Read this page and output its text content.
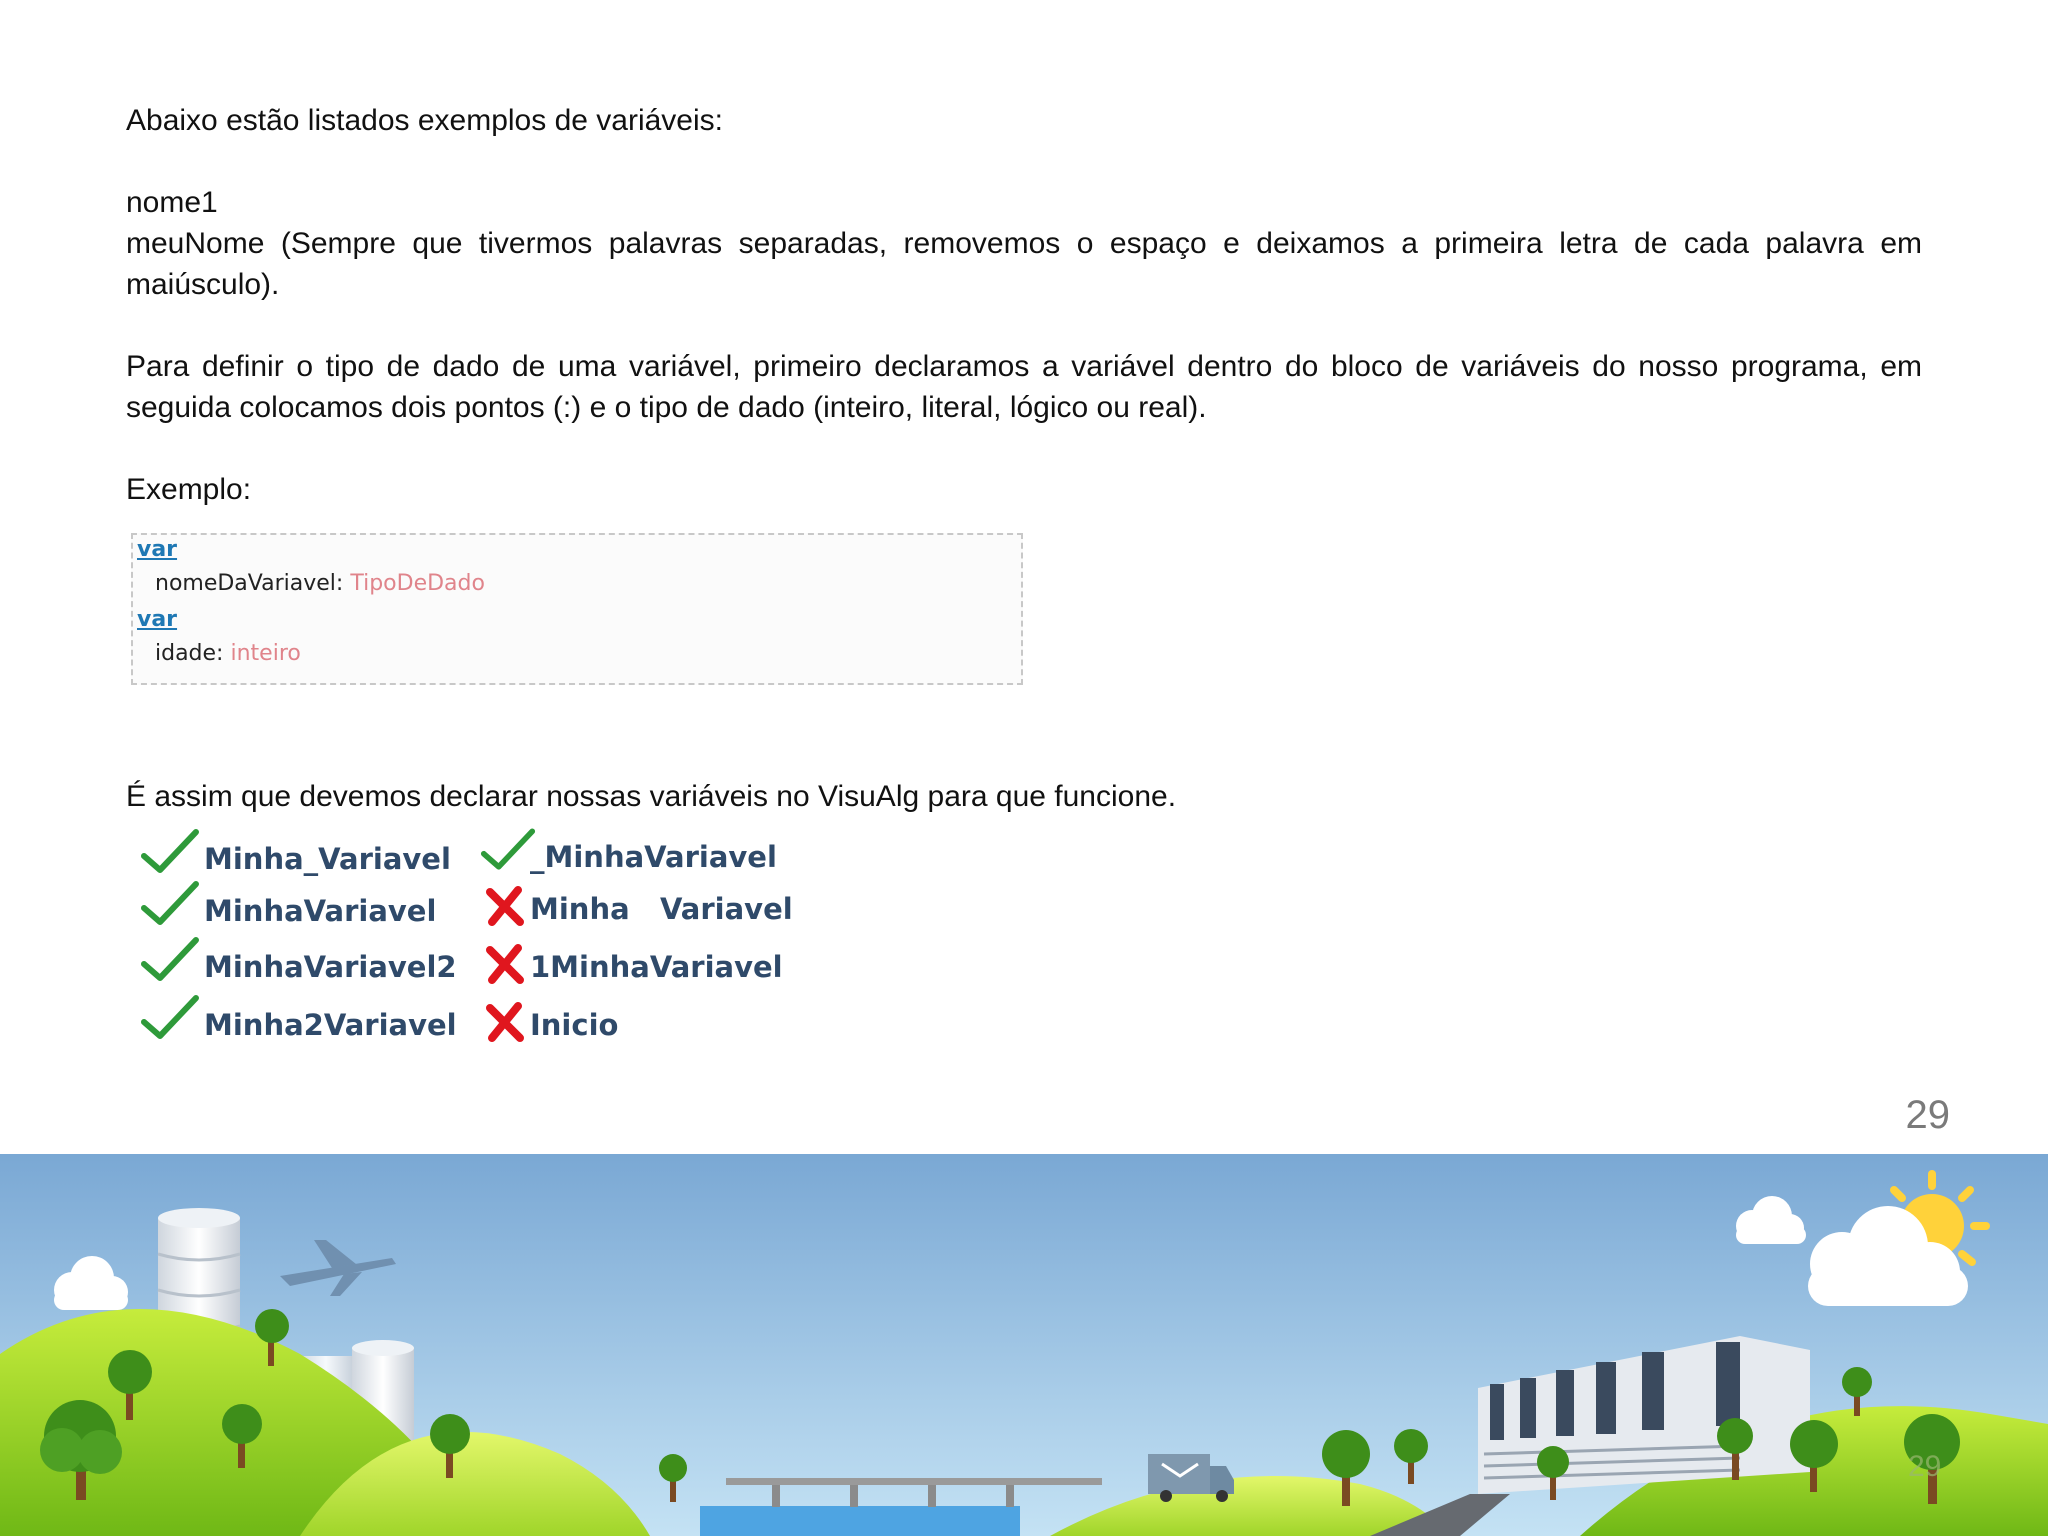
Abaixo estão listados exemplos de variáveis:

nome1

meuNome (Sempre que tivermos palavras separadas, removemos o espaço e deixamos a primeira letra de cada palavra em maiúsculo).

Para definir o tipo de dado de uma variável, primeiro declaramos a variável dentro do bloco de variáveis do nosso programa, em seguida colocamos dois pontos (:) e o tipo de dado (inteiro, literal, lógico ou real).

Exemplo:

var
nomeDaVariavel: TipoDeDado
var
idade: inteiro

É assim que devemos declarar nossas variáveis no VisuAlg para que funcione.

Minha_Variavel
MinhaVariavel
MinhaVariavel2
Minha2Variavel
_MinhaVariavel
Minha   Variavel
1MinhaVariavel
Inicio
29
29
